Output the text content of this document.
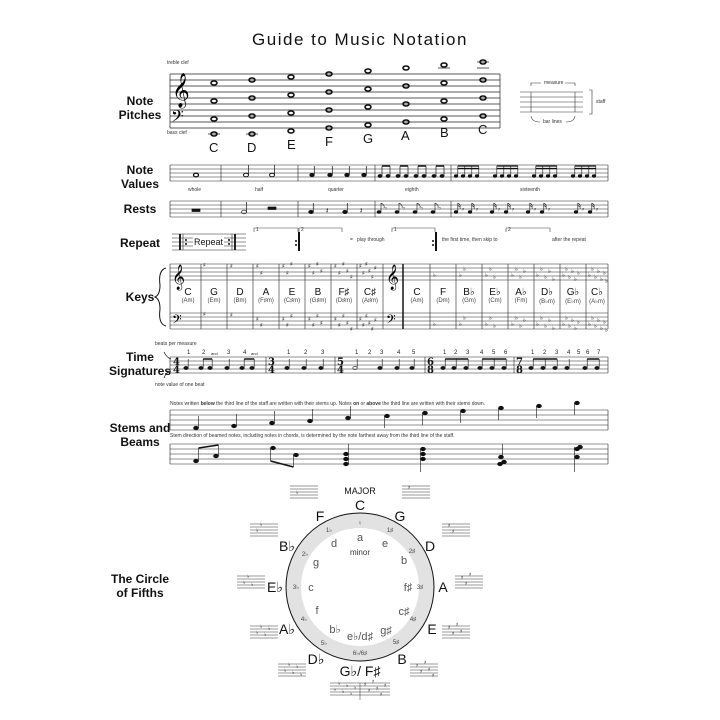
Guide to Music Notation
Note
Pitches
treble clef
bass clef
𝄞
𝄢
𝄽	𝄽	𝄾 𝄾 𝄾 𝄾	𝄿 𝄿	𝄿 𝄿	𝄿 𝄿	𝄿 𝄿
C D E F G A B C
measure
staff
bar lines
Note
Values	whole	half	quarter	eighth	sixteenth
Rests
Repeat	Repeat
1	2
= play through
1
the first time, then skip to
2
after the repeat
Keys
𝄞
𝄢
𝄞
𝄢
♯
♯
♯
♯
♯
♯
♯
♯
♯
♯
♯
♯
♯
♯
♯
♯
♯
♯
♯
♯
♯
♯
♯
♯
♯
♯
♯
♯
♯
♯
♯
♯
♯
♯
♯
♯
♯
♯
♯
♯
♯
♯
♯
♯
♭
♭
♭
♭
♭
♭
♭
♭
♭
♭
♭
♭
♭
♭
♭
♭
♭
♭
♭
♭
♭
♭
♭
♭
♭
♭
♭
♭
♭
♭
♭
♭
♭
♭
♭
♭
♭
♭
♭
♭
♭
♭
♭
♭
♭
♭
♭
♭
♭
♭
♭
♭
♭
♭
♭
♭
C
(Am)
G
(Em)
D
(Bm)
A
(F♯m)
E
(C♯m)
B
(G♯m)
F♯
(D♯m)
C♯
(A♯m)
C
(Am)
F
(Dm)
B♭
(Gm)
E♭
(Cm)
A♭
(Fm)
D♭
(B♭m)
G♭
(E♭m)
C♭
(A♭m)
Time
Signatures
beats per measure
note value of one beat
4
4
3
4
5
4
6
8
7
8
1 2 and 3 4 and	1 2 3	1 2 3 4 5	1 2 3 4 5 6	1 2 3 4 5 6 7
Stems and
Beams
Notes written below the third line of the staff are written with their stems up. Notes on or above the third line are written with their stems down.
Stem direction of beamed notes, including notes in chords, is determined by the note farthest away from the third line of the staff.
The Circle
of Fifths
C
G
D
A
E
B
G♭/ F♯
D♭
A♭
E♭
B♭
F
MAJOR
a e
b
f♯
c♯
g♯
e♭/d♯
b♭
f
c
g
d
minor
♮
1♯
2♯
3♯
4♯
5♯
6♭/6♯
5♭
4♭
3♭
2♭
1♭
♭
♯
♭
♭	♯
♯
♭
♭
♭
♯
♯
♯
♭
♭
♭
♭	♯
♯
♯
♯
♭
♭
♭
♭
♭
♯
♯
♯
♯
♯
♭
♭
♭
♭
♭
♭ ♯
♯
♯
♯
♯
♯
